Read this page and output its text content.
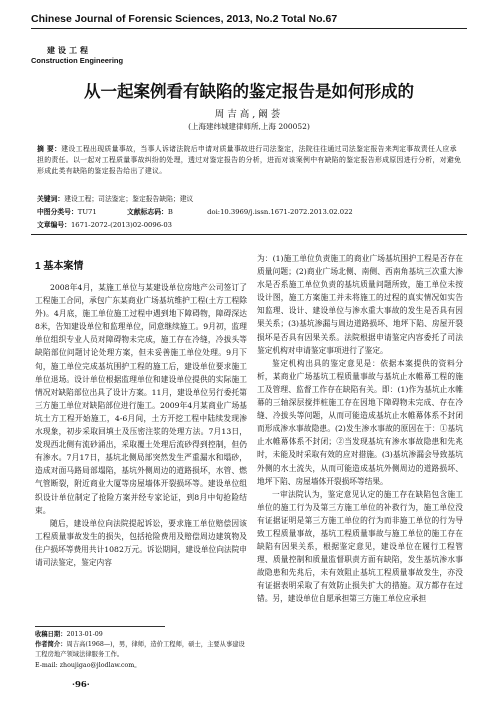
Chinese Journal of Forensic Sciences, 2013, No.2 Total No.67
建设工程
Construction Engineering
从一起案例看有缺陷的鉴定报告是如何形成的
周吉高,阚荟
(上海建纬城建律师所,上海 200052)
摘 要：建设工程出现质量事故，当事人诉诸法院后申请对质量事故进行司法鉴定，法院往往通过司法鉴定报告来判定事故责任人应承担的责任。以一起对工程质量事故纠纷的处理，透过对鉴定报告的分析，进而对该案例中有缺陷的鉴定报告形成原因进行分析，对避免形成此类有缺陷的鉴定报告给出了建议。
关键词：建设工程；司法鉴定；鉴定报告缺陷；建议
中图分类号：TU71	文献标志码：B	doi:10.3969/j.issn.1671-2072.2013.02.022
文章编号：1671-2072-(2013)02-0096-03
1 基本案情

2008年4月，某施工单位与某建设单位房地产公司签订了工程施工合同，承包广东某商业广场基坑维护工程(土方工程除外)。4月底，施工单位施工过程中遇到地下障碍物，障碍深达8米，告知建设单位和监理单位，同意继续施工。9月初，监理单位组织专业人员对障碍物未完成，施工存在冷缝，冷拔头等缺陷部位问题讨论处理方案，但未妥善施工单位处理。9月下旬，施工单位完成基坑围护工程的施工后，建设单位要求施工单位退场。设计单位根据监理单位和建设单位提供的实际施工情况对缺陷部位出具了设计方案。11月，建设单位另行委托第三方施工单位对缺陷部位进行施工。2009年4月某商业广场基坑土方工程开始施工，4-6月间，土方开挖工程中陆续发现渗水现象，初步采取回填土及压密注浆的处理方法。7月13日，发现西北侧有流砂涌出，采取覆土处理后流砂得到控制，但仍有渗水。7月17日，基坑北侧局部突然发生严重漏水和塌砂，造成对面马路局部塌陷，基坑外侧周边的道路损坏，水管、燃气管断裂，附近商业大厦等房屋墙体开裂损坏等。建设单位组织设计单位制定了抢险方案并经专家论证，到8月中旬抢险结束。

随后，建设单位向法院提起诉讼，要求施工单位赔偿因该工程质量事故发生的损失，包括抢险费用及赔偿周边建筑物及住户损坏等费用共计1082万元。诉讼期间，建设单位向法院申请司法鉴定，鉴定内容

为：(1)施工单位负责施工的商业广场基坑围护工程是否存在质量问题；(2)商业广场北侧、南侧、西南角基坑三次重大渗水是否系施工单位负责的基坑质量问题所致，施工单位未按设计图，施工方案施工并未将施工的过程的真实情况如实告知监理、设计、建设单位与渗水重大事故的发生是否具有因果关系；(3)基坑渗漏与周边道路损坏、地坪下陷、房屋开裂损坏是否具有因果关系。法院根据申请鉴定内容委托了司法鉴定机构对申请鉴定事项进行了鉴定。

鉴定机构出具的鉴定意见是：依据本案提供的资料分析，某商业广场基坑工程质量事故与基坑止水帷幕工程的施工及管理、监督工作存在缺陷有关。即：(1)作为基坑止水帷幕的三轴深层搅拌桩施工存在因地下障碍物未完成、存在冷缝、冷拔头等问题，从而可能造成基坑止水帷幕体系不封闭而形成渗水事故隐患。(2)发生渗水事故的原因在于：①基坑止水帷幕体系不封闭；②当发现基坑有渗水事故隐患和先兆时，未能及时采取有效的应对措施。(3)基坑渗漏会导致基坑外侧的水土流失，从而可能造成基坑外侧周边的道路损坏、地坪下陷、房屋墙体开裂损坏等结果。

一审法院认为，鉴定意见认定的施工存在缺陷包含施工单位的施工行为及第三方施工单位的补救行为，施工单位没有证据证明是第三方施工单位的行为而非施工单位的行为导致工程质量事故，基坑工程质量事故与施工单位的施工存在缺陷有因果关系，根据鉴定意见，建设单位在履行工程管理、质量控制和质量监督职责方面有缺陷，发生基坑渗水事故隐患和先兆后，未有效阻止基坑工程质量事故发生，亦没有证据表明采取了有效防止损失扩大的措施。双方都存在过错。另，建设单位自愿承担第三方施工单位应承担

收稿日期：2013-01-09
作者简介：周吉高(1968—)，男，律师，造价工程师，硕士，主要从事建设工程房地产领域法律服务工作。
E-mail: zhoujigao@jlodlaw.com。
·96·
